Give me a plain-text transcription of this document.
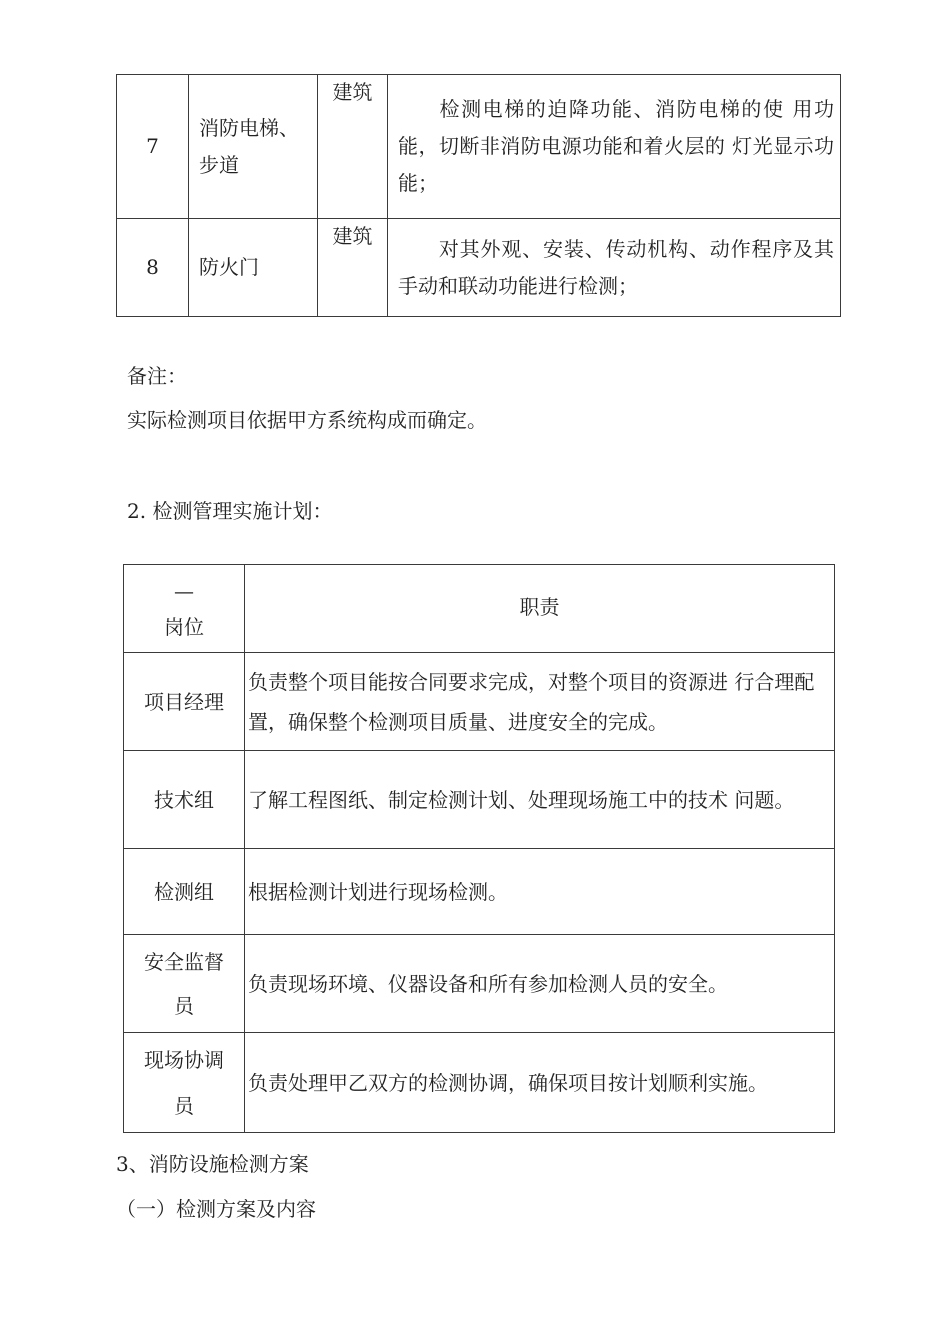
7	消防电梯、
步道	建筑	检测电梯的迫降功能、消防电梯的使 用功能，切断非消防电源功能和着火层的 灯光显示功能；
8	防火门	建筑	对其外观、安装、传动机构、动作程序及其手动和联动功能进行检测；
备注：
实际检测项目依据甲方系统构成而确定。
2. 检测管理实施计划：
—
岗位	职责

项目经理	负责整个项目能按合同要求完成，对整个项目的资源进 行合理配置，确保整个检测项目质量、进度安全的完成。

技术组	了解工程图纸、制定检测计划、处理现场施工中的技术 问题。

检测组	根据检测计划进行现场检测。

安全监督
员	负责现场环境、仪器设备和所有参加检测人员的安全。

现场协调
员	负责处理甲乙双方的检测协调，确保项目按计划顺利实施。
3、消防设施检测方案
（一）检测方案及内容
